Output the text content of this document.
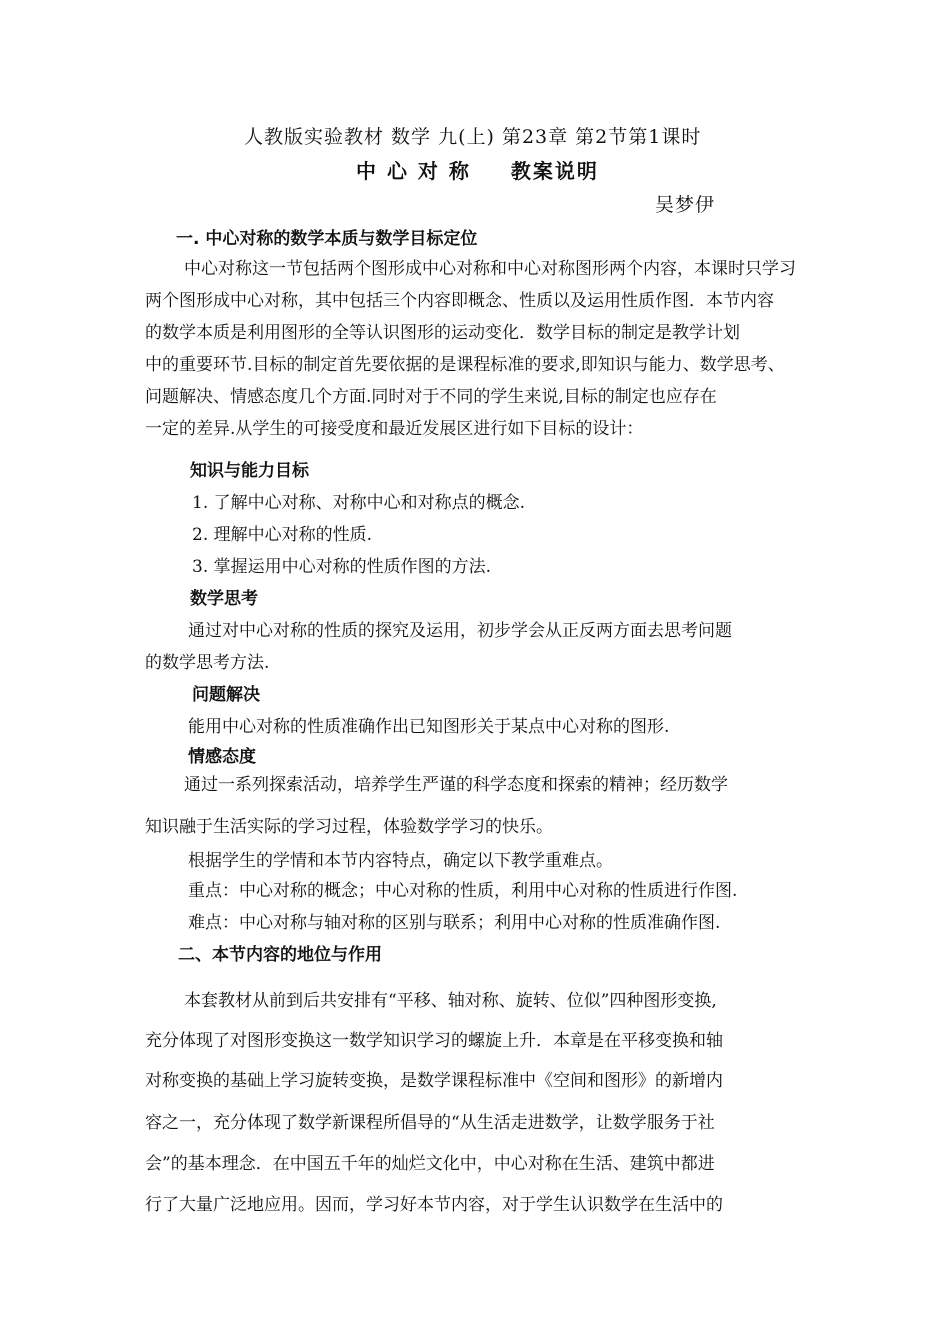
人教版实验教材 数学 九(上) 第23章 第2节第1课时
中 心 对 称 教案说明
吴梦伊
一. 中心对称的数学本质与数学目标定位
中心对称这一节包括两个图形成中心对称和中心对称图形两个内容，本课时只学习
两个图形成中心对称，其中包括三个内容即概念、性质以及运用性质作图．本节内容
的数学本质是利用图形的全等认识图形的运动变化．数学目标的制定是教学计划
中的重要环节.目标的制定首先要依据的是课程标准的要求,即知识与能力、数学思考、
问题解决、情感态度几个方面.同时对于不同的学生来说,目标的制定也应存在
一定的差异.从学生的可接受度和最近发展区进行如下目标的设计：
知识与能力目标
1. 了解中心对称、对称中心和对称点的概念.
2. 理解中心对称的性质.
3. 掌握运用中心对称的性质作图的方法.
数学思考
通过对中心对称的性质的探究及运用，初步学会从正反两方面去思考问题
的数学思考方法.
问题解决
能用中心对称的性质准确作出已知图形关于某点中心对称的图形.
情感态度
通过一系列探索活动，培养学生严谨的科学态度和探索的精神；经历数学
知识融于生活实际的学习过程，体验数学学习的快乐。
根据学生的学情和本节内容特点，确定以下教学重难点。
重点：中心对称的概念；中心对称的性质，利用中心对称的性质进行作图.
难点：中心对称与轴对称的区别与联系；利用中心对称的性质准确作图.
二、本节内容的地位与作用
本套教材从前到后共安排有“平移、轴对称、旋转、位似”四种图形变换,
充分体现了对图形变换这一数学知识学习的螺旋上升．本章是在平移变换和轴
对称变换的基础上学习旋转变换，是数学课程标准中《空间和图形》的新增内
容之一，充分体现了数学新课程所倡导的“从生活走进数学，让数学服务于社
会”的基本理念．在中国五千年的灿烂文化中，中心对称在生活、建筑中都进
行了大量广泛地应用。因而，学习好本节内容，对于学生认识数学在生活中的
